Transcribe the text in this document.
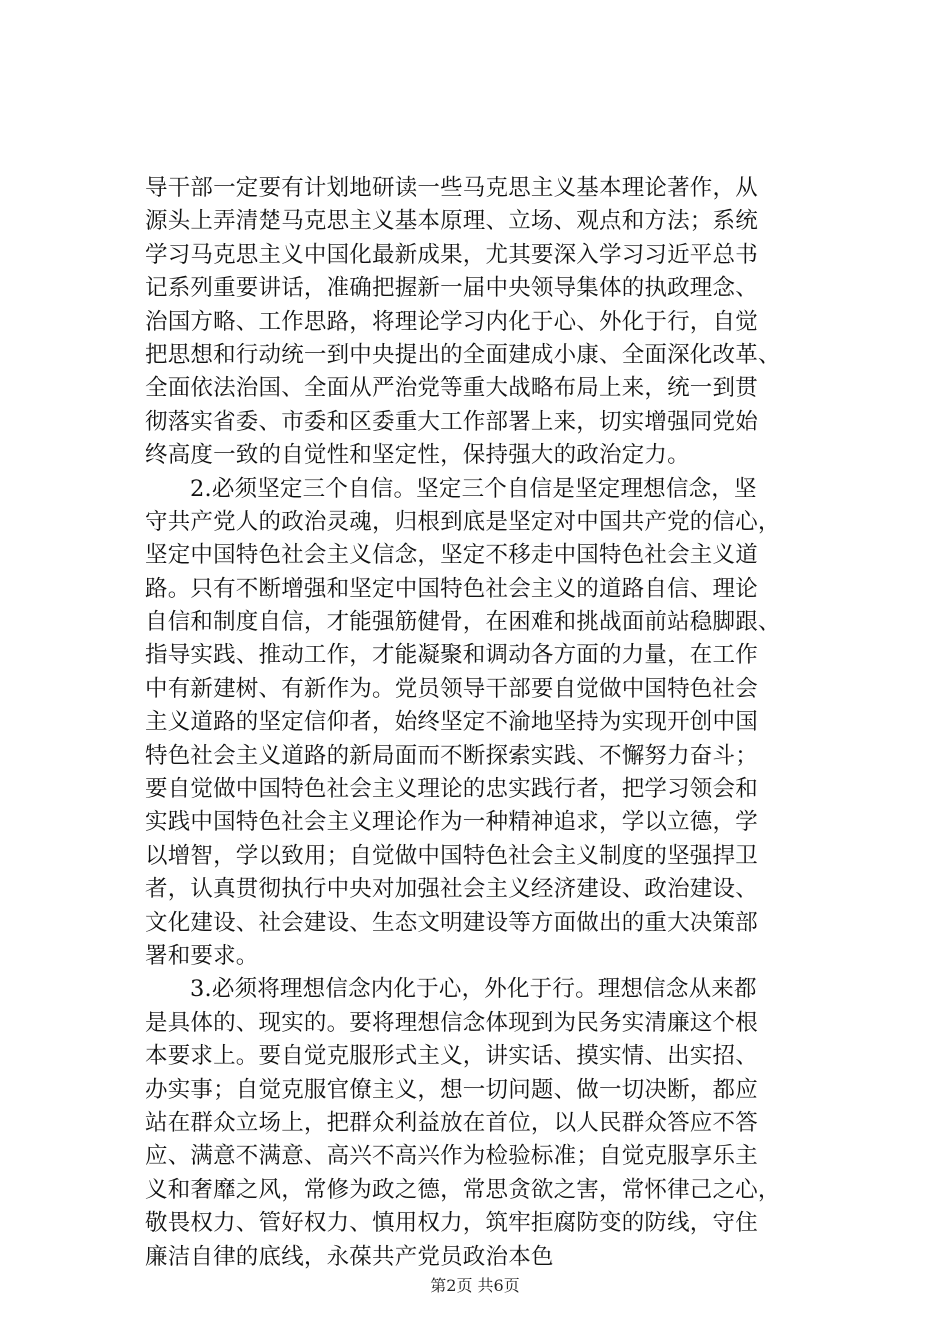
导干部一定要有计划地研读一些马克思主义基本理论著作，从
源头上弄清楚马克思主义基本原理、立场、观点和方法；系统
学习马克思主义中国化最新成果，尤其要深入学习习近平总书
记系列重要讲话，准确把握新一届中央领导集体的执政理念、
治国方略、工作思路，将理论学习内化于心、外化于行，自觉
把思想和行动统一到中央提出的全面建成小康、全面深化改革、
全面依法治国、全面从严治党等重大战略布局上来，统一到贯
彻落实省委、市委和区委重大工作部署上来，切实增强同党始
终高度一致的自觉性和坚定性，保持强大的政治定力。
2.必须坚定三个自信。坚定三个自信是坚定理想信念，坚
守共产党人的政治灵魂，归根到底是坚定对中国共产党的信心，
坚定中国特色社会主义信念，坚定不移走中国特色社会主义道
路。只有不断增强和坚定中国特色社会主义的道路自信、理论
自信和制度自信，才能强筋健骨，在困难和挑战面前站稳脚跟、
指导实践、推动工作，才能凝聚和调动各方面的力量，在工作
中有新建树、有新作为。党员领导干部要自觉做中国特色社会
主义道路的坚定信仰者，始终坚定不渝地坚持为实现开创中国
特色社会主义道路的新局面而不断探索实践、不懈努力奋斗；
要自觉做中国特色社会主义理论的忠实践行者，把学习领会和
实践中国特色社会主义理论作为一种精神追求，学以立德，学
以增智，学以致用；自觉做中国特色社会主义制度的坚强捍卫
者，认真贯彻执行中央对加强社会主义经济建设、政治建设、
文化建设、社会建设、生态文明建设等方面做出的重大决策部
署和要求。
3.必须将理想信念内化于心，外化于行。理想信念从来都
是具体的、现实的。要将理想信念体现到为民务实清廉这个根
本要求上。要自觉克服形式主义，讲实话、摸实情、出实招、
办实事；自觉克服官僚主义，想一切问题、做一切决断，都应
站在群众立场上，把群众利益放在首位，以人民群众答应不答
应、满意不满意、高兴不高兴作为检验标准；自觉克服享乐主
义和奢靡之风，常修为政之德，常思贪欲之害，常怀律己之心，
敬畏权力、管好权力、慎用权力，筑牢拒腐防变的防线，守住
廉洁自律的底线，永葆共产党员政治本色
第2页 共6页
